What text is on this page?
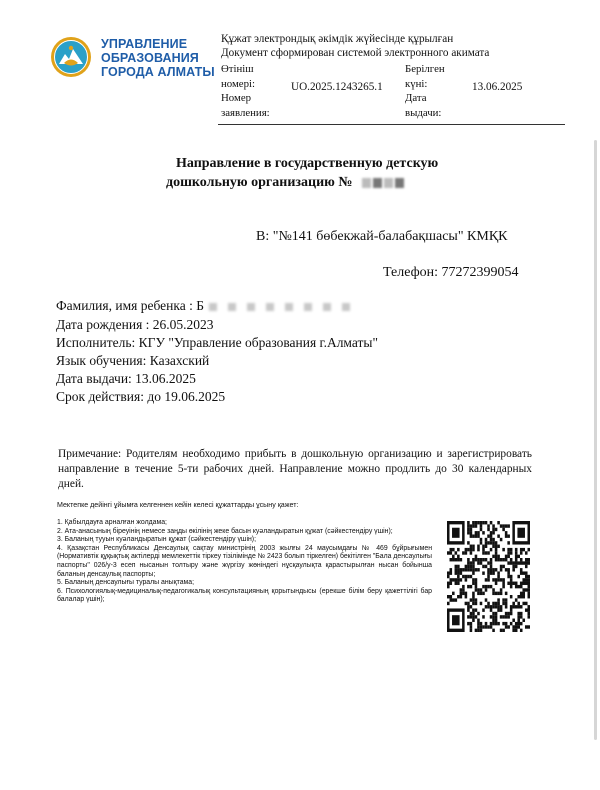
УПРАВЛЕНИЕ
ОБРАЗОВАНИЯ
ГОРОДА АЛМАТЫ
Құжат электрондық әкімдік жүйесінде құрылған
Документ сформирован системой электронного акимата
Өтініш
номері:
Номер
заявления:
UO.2025.1243265.1
Берілген
күні:
Дата
выдачи:
13.06.2025
Направление в государственную детскую
дошкольную организацию №
В: "№141 бөбекжай-балабақшасы" КМҚК
Телефон: 77272399054
Фамилия, имя ребенка : Б
Дата рождения : 26.05.2023
Исполнитель: КГУ "Управление образования г.Алматы"
Язык обучения: Казахский
Дата выдачи: 13.06.2025
Срок действия: до 19.06.2025
Примечание: Родителям необходимо прибыть в дошкольную организацию и зарегистрировать направление в течение 5-ти рабочих дней. Направление можно продлить до 30 календарных дней.
Мектепке дейінгі ұйымға келгеннен кейін келесі құжаттарды ұсыну қажет:
1. Қабылдауға арналған жолдама;
2. Ата-анасының біреуінің немесе заңды өкілінің жеке басын куәландыратын құжат (сәйкестендіру үшін);
3. Баланың тууын куәландыратын құжат (сәйкестендіру үшін);
4. Қазақстан Республикасы Денсаулық сақтау министрінің 2003 жылғы 24 маусымдағы № 469 бұйрығымен (Нормативтік құқықтық актілерді мемлекеттік тіркеу тізілімінде № 2423 болып тіркелген) бекітілген "Бала денсаулығы паспорты" 026/у-3 есеп нысанын толтыру және жүргізу жөніндегі нұсқаулықта қарастырылған нысан бойынша баланың денсаулық паспорты;
5. Баланың денсаулығы туралы анықтама;
6. Психологиялық-медициналық-педагогикалық консультацияның қорытындысы (ерекше білім беру қажеттілігі бар балалар үшін);
